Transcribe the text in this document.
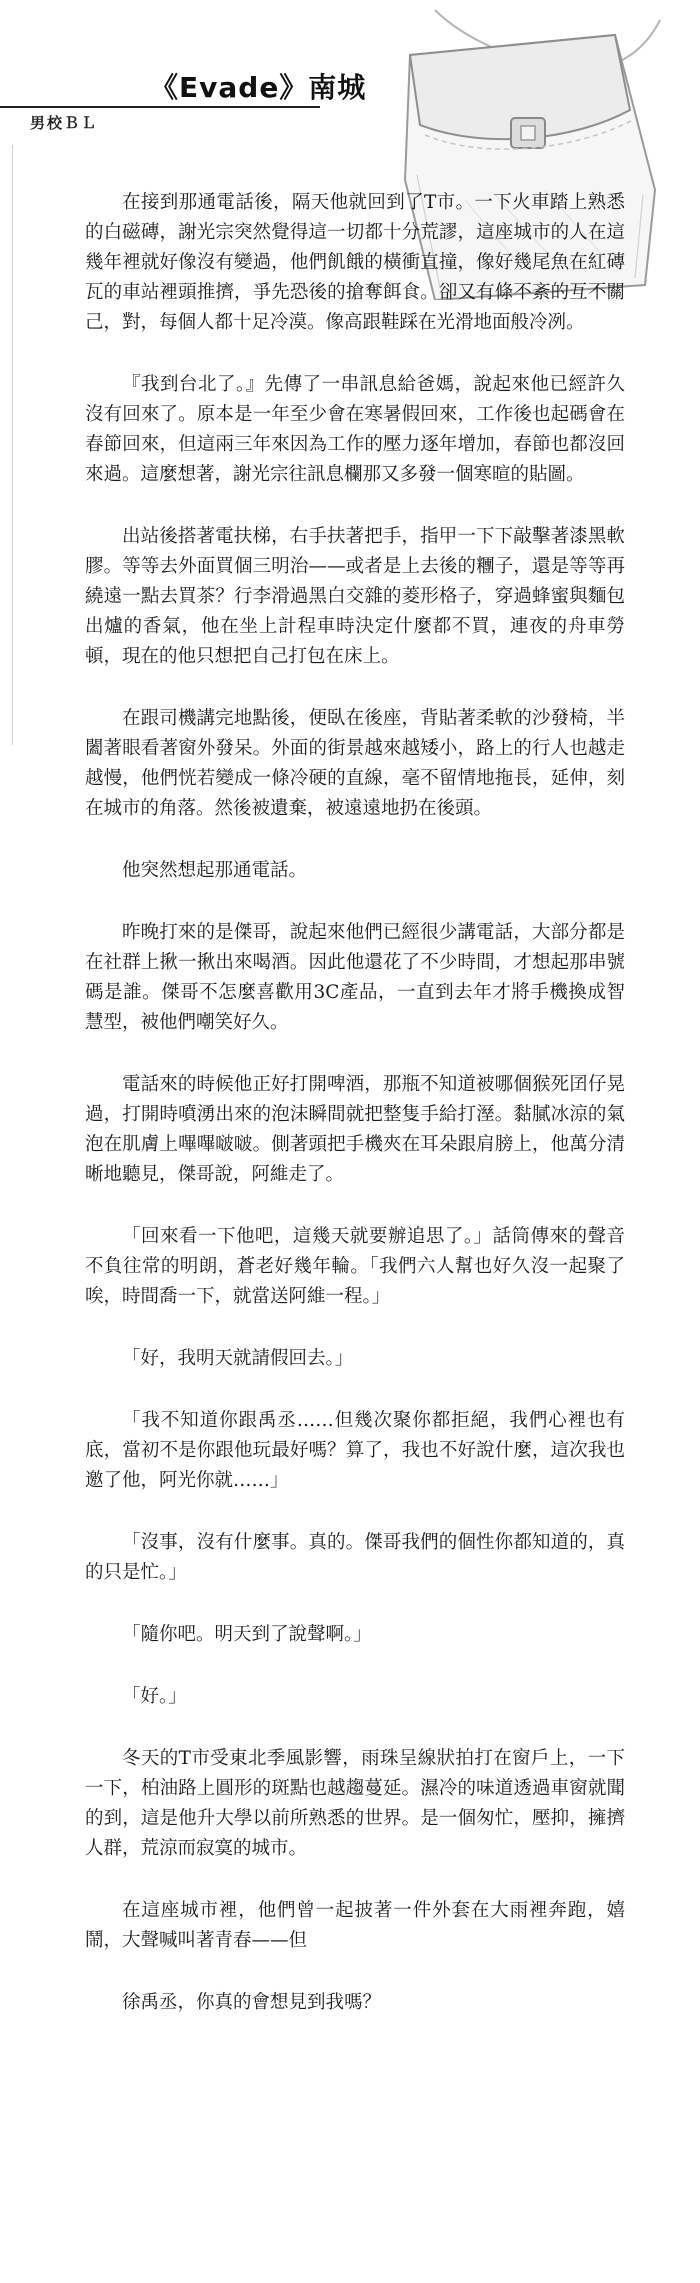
《Evade》南城
男校ＢＬ

在接到那通電話後，隔天他就回到了T市。一下火車踏上熟悉的白磁磚，謝光宗突然覺得這一切都十分荒謬，這座城市的人在這幾年裡就好像沒有變過，他們飢餓的橫衝直撞，像好幾尾魚在紅磚瓦的車站裡頭推擠，爭先恐後的搶奪餌食。卻又有條不紊的互不關己，對，每個人都十足冷漠。像高跟鞋踩在光滑地面般冷冽。

『我到台北了。』先傳了一串訊息給爸媽，說起來他已經許久沒有回來了。原本是一年至少會在寒暑假回來，工作後也起碼會在春節回來，但這兩三年來因為工作的壓力逐年增加，春節也都沒回來過。這麼想著，謝光宗往訊息欄那又多發一個寒暄的貼圖。

出站後搭著電扶梯，右手扶著把手，指甲一下下敲擊著漆黑軟膠。等等去外面買個三明治——或者是上去後的糰子，還是等等再繞遠一點去買茶？行李滑過黑白交雜的菱形格子，穿過蜂蜜與麵包出爐的香氣，他在坐上計程車時決定什麼都不買，連夜的舟車勞頓，現在的他只想把自己打包在床上。

在跟司機講完地點後，便臥在後座，背貼著柔軟的沙發椅，半闔著眼看著窗外發呆。外面的街景越來越矮小，路上的行人也越走越慢，他們恍若變成一條冷硬的直線，毫不留情地拖長，延伸，刻在城市的角落。然後被遺棄，被遠遠地扔在後頭。

他突然想起那通電話。

昨晚打來的是傑哥，說起來他們已經很少講電話，大部分都是在社群上揪一揪出來喝酒。因此他還花了不少時間，才想起那串號碼是誰。傑哥不怎麼喜歡用3C產品，一直到去年才將手機換成智慧型，被他們嘲笑好久。

電話來的時候他正好打開啤酒，那瓶不知道被哪個猴死囝仔晃過，打開時噴湧出來的泡沫瞬間就把整隻手給打溼。黏膩冰涼的氣泡在肌膚上嗶嗶啵啵。側著頭把手機夾在耳朵跟肩膀上，他萬分清晰地聽見，傑哥說，阿維走了。

「回來看一下他吧，這幾天就要辦追思了。」話筒傳來的聲音不負往常的明朗，蒼老好幾年輪。「我們六人幫也好久沒一起聚了唉，時間喬一下，就當送阿維一程。」

「好，我明天就請假回去。」

「我不知道你跟禹丞……但幾次聚你都拒絕，我們心裡也有底，當初不是你跟他玩最好嗎？算了，我也不好說什麼，這次我也邀了他，阿光你就……」

「沒事，沒有什麼事。真的。傑哥我們的個性你都知道的，真的只是忙。」

「隨你吧。明天到了說聲啊。」

「好。」

冬天的T市受東北季風影響，雨珠呈線狀拍打在窗戶上，一下一下，柏油路上圓形的斑點也越趨蔓延。濕冷的味道透過車窗就聞的到，這是他升大學以前所熟悉的世界。是一個匆忙，壓抑，擁擠人群，荒涼而寂寞的城市。

在這座城市裡，他們曾一起披著一件外套在大雨裡奔跑，嬉鬧，大聲喊叫著青春——但

徐禹丞，你真的會想見到我嗎？
